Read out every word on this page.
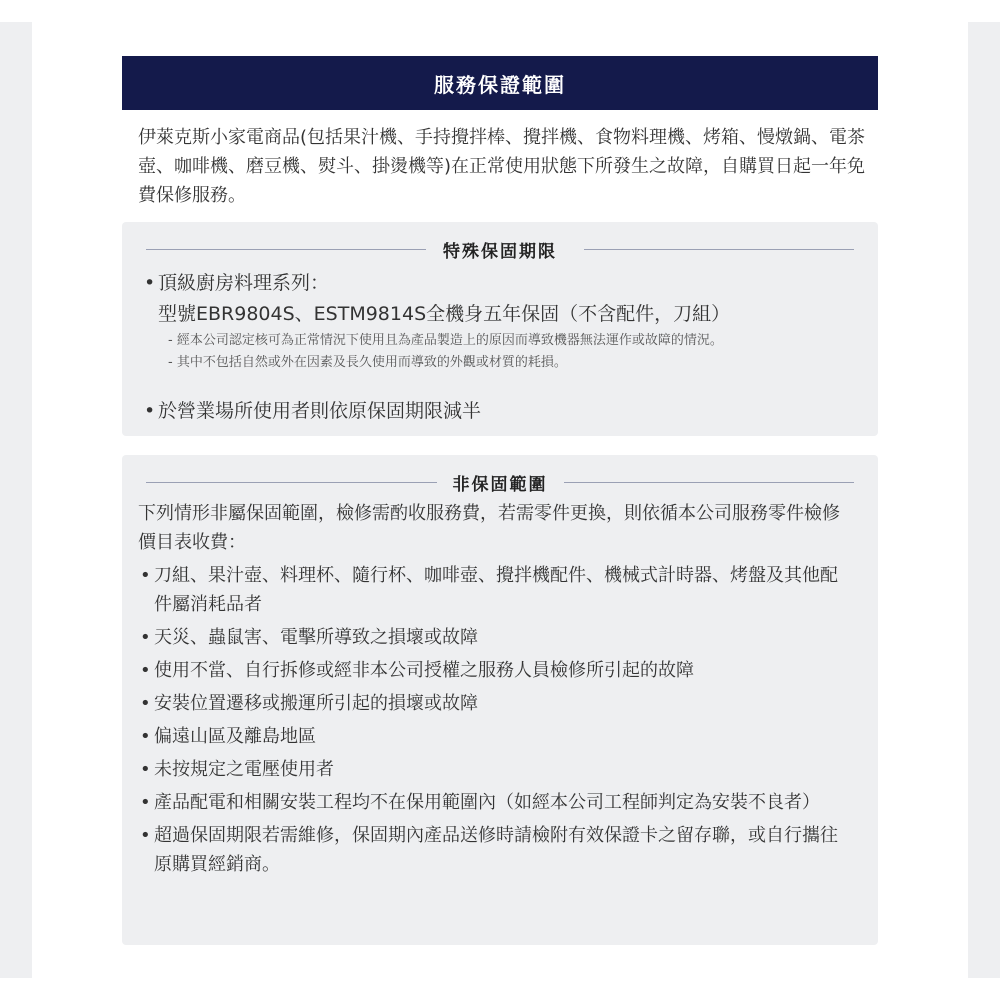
服務保證範圍
伊萊克斯小家電商品(包括果汁機、手持攪拌棒、攪拌機、食物料理機、烤箱、慢燉鍋、電茶壺、咖啡機、磨豆機、熨斗、掛燙機等)在正常使用狀態下所發生之故障，自購買日起一年免費保修服務。
特殊保固期限
• 頂級廚房料理系列：
型號EBR9804S、ESTM9814S全機身五年保固（不含配件，刀組）
- 經本公司認定核可為正常情況下使用且為產品製造上的原因而導致機器無法運作或故障的情況。
- 其中不包括自然或外在因素及長久使用而導致的外觀或材質的耗損。
• 於營業場所使用者則依原保固期限減半
非保固範圍
下列情形非屬保固範圍，檢修需酌收服務費，若需零件更換，則依循本公司服務零件檢修價目表收費：
• 刀組、果汁壺、料理杯、隨行杯、咖啡壺、攪拌機配件、機械式計時器、烤盤及其他配件屬消耗品者
• 天災、蟲鼠害、電擊所導致之損壞或故障
• 使用不當、自行拆修或經非本公司授權之服務人員檢修所引起的故障
• 安裝位置遷移或搬運所引起的損壞或故障
• 偏遠山區及離島地區
• 未按規定之電壓使用者
• 產品配電和相關安裝工程均不在保用範圍內（如經本公司工程師判定為安裝不良者）
• 超過保固期限若需維修，保固期內產品送修時請檢附有效保證卡之留存聯，或自行攜往原購買經銷商。
